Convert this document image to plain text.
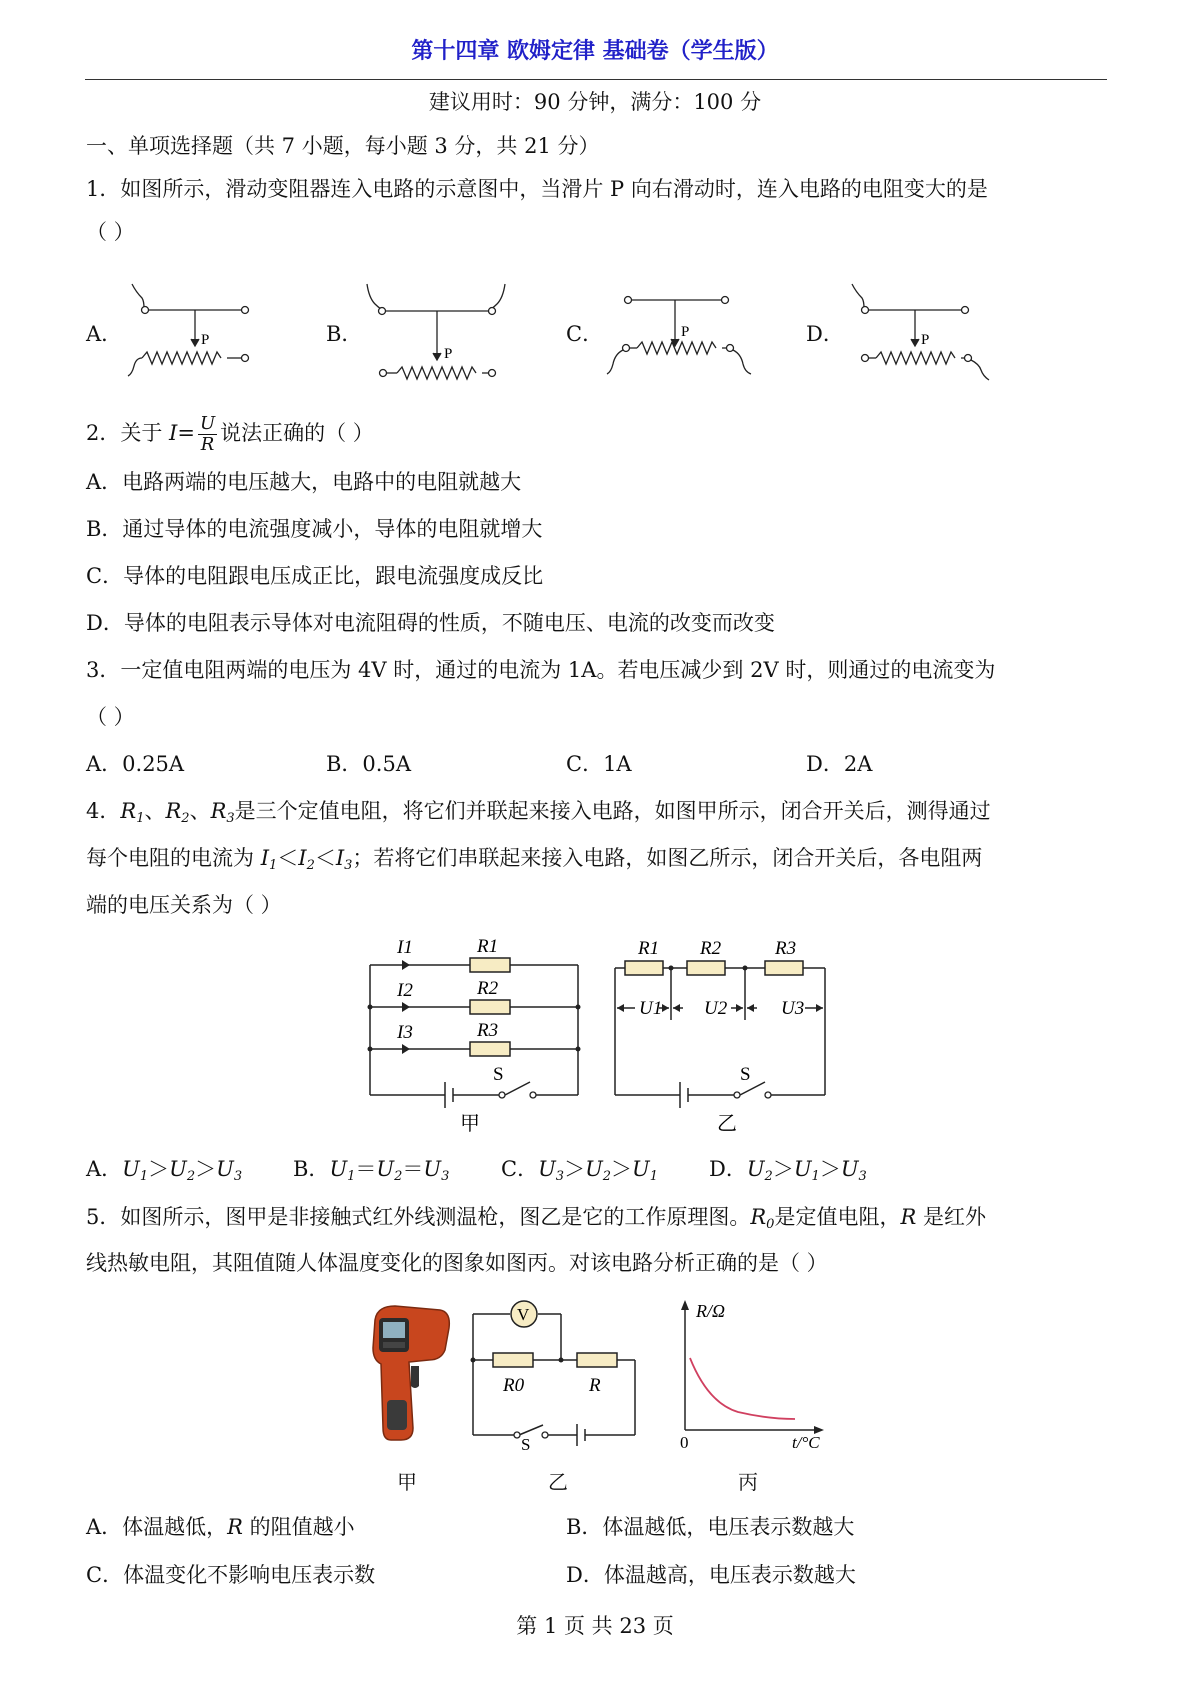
第十四章 欧姆定律 基础卷（学生版）
建议用时：90 分钟，满分：100 分
一、单项选择题（共 7 小题，每小题 3 分，共 21 分）
1．如图所示，滑动变阻器连入电路的示意图中，当滑片 P 向右滑动时，连入电路的电阻变大的是
（ ）
A．	B．	C．	D．
P
P
P	P
2．关于 $I= \frac{U}{R}$ 说法正确的（ ）
A．电路两端的电压越大，电路中的电阻就越大
B．通过导体的电流强度减小，导体的电阻就增大
C．导体的电阻跟电压成正比，跟电流强度成反比
D．导体的电阻表示导体对电流阻碍的性质，不随电压、电流的改变而改变
3．一定值电阻两端的电压为 4V 时，通过的电流为 1A。若电压减少到 2V 时，则通过的电流变为
（ ）
A．0.25A	B．0.5A	C．1A	D．2A
4．$R_1$、$R_2$、$R_3$是三个定值电阻，将它们并联起来接入电路，如图甲所示，闭合开关后，测得通过
每个电阻的电流为 $I_1<I_2<I_3$；若将它们串联起来接入电路，如图乙所示，闭合开关后，各电阻两
端的电压关系为（ ）
I1
I2
I3
R1
R2
R3
S
甲
R1 R2	R3
U1 U2	U3
S
乙
A．$U_1>U_2>U_3$ B．$U_1=U_2=U_3$ C．$U_3>U_2>U_1$ D．$U_2>U_1>U_3$
5．如图所示，图甲是非接触式红外线测温枪，图乙是它的工作原理图。$R_0$是定值电阻，R 是红外
线热敏电阻，其阻值随人体温度变化的图象如图丙。对该电路分析正确的是（ ）
V
R0	R
S
R/Ω
0	t/°C
甲	乙	丙
A．体温越低，R 的阻值越小	B．体温越低，电压表示数越大
C．体温变化不影响电压表示数	D．体温越高，电压表示数越大
第 1 页 共 23 页
